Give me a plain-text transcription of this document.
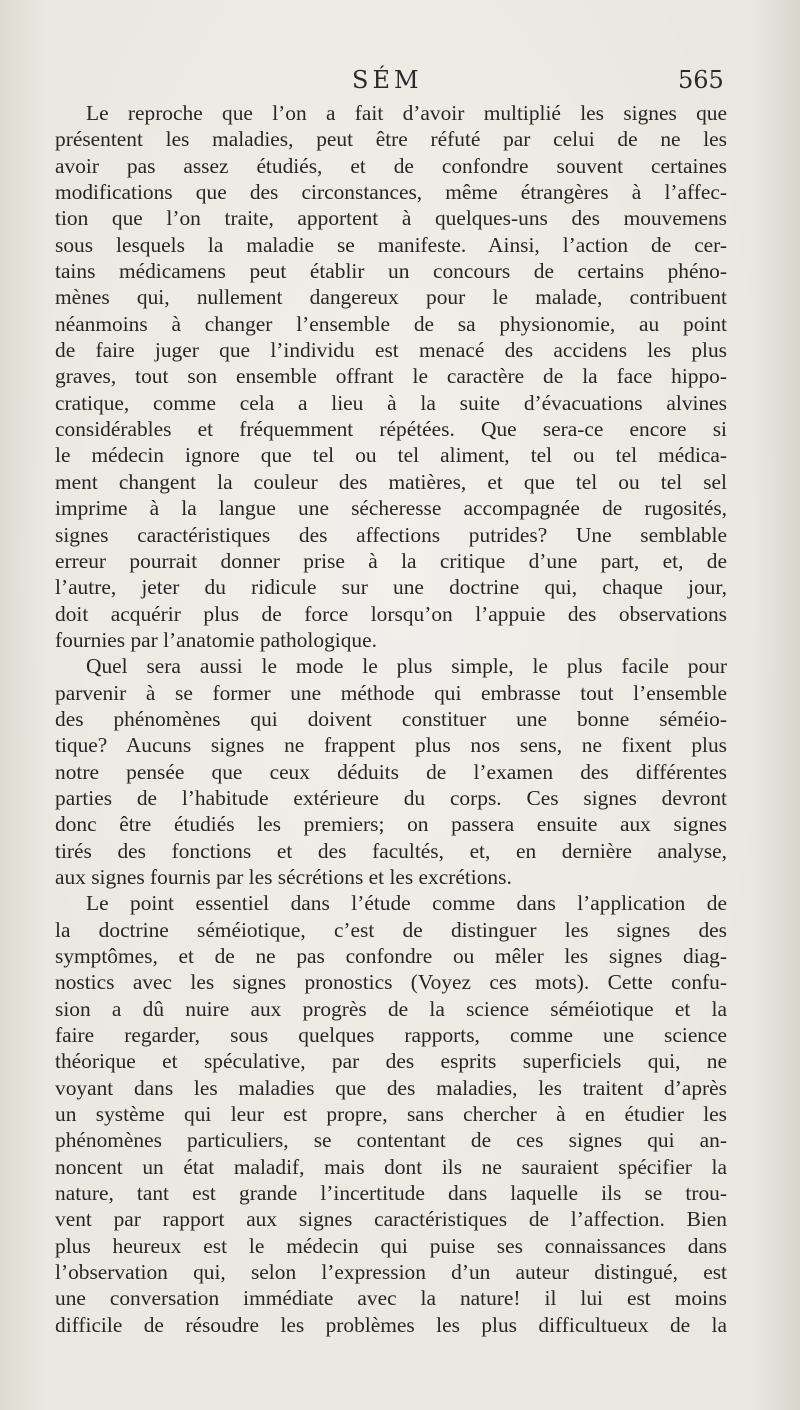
SÉM	565

Le reproche que l’on a fait d’avoir multiplié les signes que
présentent les maladies, peut être réfuté par celui de ne les
avoir pas assez étudiés, et de confondre souvent certaines
modifications que des circonstances, même étrangères à l’affec-
tion que l’on traite, apportent à quelques-uns des mouvemens
sous lesquels la maladie se manifeste. Ainsi, l’action de cer-
tains médicamens peut établir un concours de certains phéno-
mènes qui, nullement dangereux pour le malade, contribuent
néanmoins à changer l’ensemble de sa physionomie, au point
de faire juger que l’individu est menacé des accidens les plus
graves, tout son ensemble offrant le caractère de la face hippo-
cratique, comme cela a lieu à la suite d’évacuations alvines
considérables et fréquemment répétées. Que sera-ce encore si
le médecin ignore que tel ou tel aliment, tel ou tel médica-
ment changent la couleur des matières, et que tel ou tel sel
imprime à la langue une sécheresse accompagnée de rugosités,
signes caractéristiques des affections putrides? Une semblable
erreur pourrait donner prise à la critique d’une part, et, de
l’autre, jeter du ridicule sur une doctrine qui, chaque jour,
doit acquérir plus de force lorsqu’on l’appuie des observations
fournies par l’anatomie pathologique.

Quel sera aussi le mode le plus simple, le plus facile pour
parvenir à se former une méthode qui embrasse tout l’ensemble
des phénomènes qui doivent constituer une bonne séméio-
tique? Aucuns signes ne frappent plus nos sens, ne fixent plus
notre pensée que ceux déduits de l’examen des différentes
parties de l’habitude extérieure du corps. Ces signes devront
donc être étudiés les premiers; on passera ensuite aux signes
tirés des fonctions et des facultés, et, en dernière analyse,
aux signes fournis par les sécrétions et les excrétions.

Le point essentiel dans l’étude comme dans l’application de
la doctrine séméiotique, c’est de distinguer les signes des
symptômes, et de ne pas confondre ou mêler les signes diag-
nostics avec les signes pronostics (Voyez ces mots). Cette confu-
sion a dû nuire aux progrès de la science séméiotique et la
faire regarder, sous quelques rapports, comme une science
théorique et spéculative, par des esprits superficiels qui, ne
voyant dans les maladies que des maladies, les traitent d’après
un système qui leur est propre, sans chercher à en étudier les
phénomènes particuliers, se contentant de ces signes qui an-
noncent un état maladif, mais dont ils ne sauraient spécifier la
nature, tant est grande l’incertitude dans laquelle ils se trou-
vent par rapport aux signes caractéristiques de l’affection. Bien
plus heureux est le médecin qui puise ses connaissances dans
l’observation qui, selon l’expression d’un auteur distingué, est
une conversation immédiate avec la nature! il lui est moins
difficile de résoudre les problèmes les plus difficultueux de la
